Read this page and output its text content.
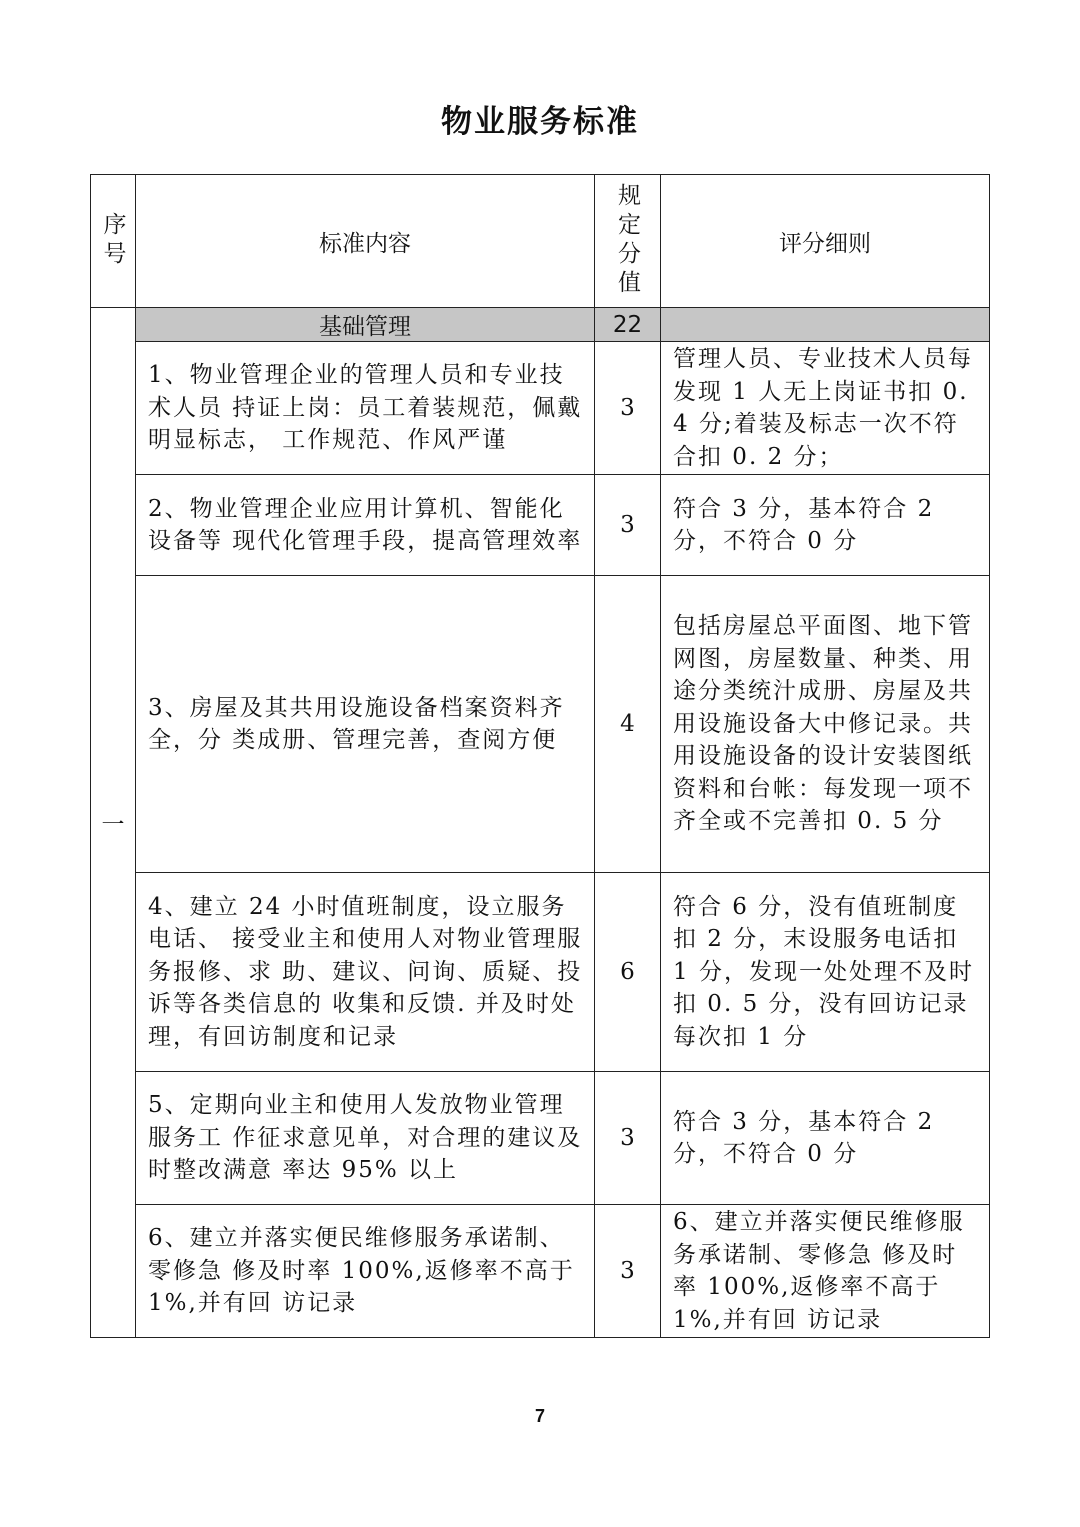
物业服务标准
序号	标准内容	规定分值	评分细则
一	基础管理	22	
	1、物业管理企业的管理人员和专业技术人员 持证上岗：员工着装规范，佩戴明显标志， 工作规范、作风严谨	3	管理人员、专业技术人员每发现 1 人无上岗证书扣 0. 4 分;着装及标志一次不符合扣 0. 2 分；
	2、物业管理企业应用计算机、智能化设备等 现代化管理手段，提高管理效率	3	符合 3 分，基本符合 2 分，不符合 0 分
	3、房屋及其共用设施设备档案资料齐全，分 类成册、管理完善，查阅方便	4	包括房屋总平面图、地下管网图，房屋数量、种类、用途分类统汁成册、房屋及共用设施设备大中修记录。共用设施设备的设计安装图纸资料和台帐：每发现一项不齐全或不完善扣 0. 5 分
	4、建立 24 小时值班制度，设立服务电话、 接受业主和使用人对物业管理服务报修、求 助、建议、问询、质疑、投诉等各类信息的 收集和反馈. 并及时处理，有回访制度和记录	6	符合 6 分，没有值班制度扣 2 分，末设服务电话扣 1 分，发现一处处理不及时扣 0. 5 分，没有回访记录每次扣 1 分
	5、定期向业主和使用人发放物业管理服务工 作征求意见单，对合理的建议及时整改满意 率达 95% 以上	3	符合 3 分，基本符合 2 分，不符合 0 分
	6、建立并落实便民维修服务承诺制、零修急 修及时率 100%,返修率不高于 1%,并有回 访记录	3	6、建立并落实便民维修服务承诺制、零修急 修及时率 100%,返修率不高于 1%,并有回 访记录
7
